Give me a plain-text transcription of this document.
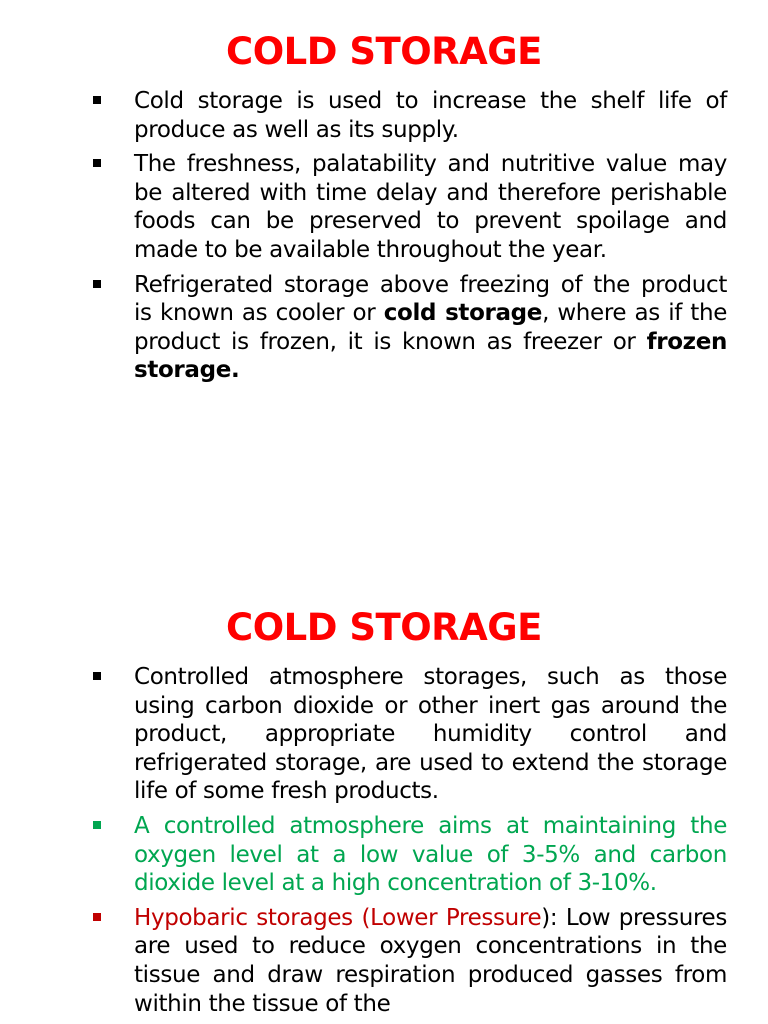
COLD STORAGE
Cold storage is used to increase the shelf life of produce as well as its supply.
The freshness, palatability and nutritive value may be altered with time delay and therefore perishable foods can be preserved to prevent spoilage and made to be available throughout the year.
Refrigerated storage above freezing of the product is known as cooler or cold storage, where as if the product is frozen, it is known as freezer or frozen storage.
COLD STORAGE
Controlled atmosphere storages, such as those using carbon dioxide or other inert gas around the product, appropriate humidity control and refrigerated storage, are used to extend the storage life of some fresh products.
A controlled atmosphere aims at maintaining the oxygen level at a low value of 3-5% and carbon dioxide level at a high concentration of 3-10%.
Hypobaric storages (Lower Pressure): Low pressures are used to reduce oxygen concentrations in the tissue and draw respiration produced gasses from within the tissue of the
